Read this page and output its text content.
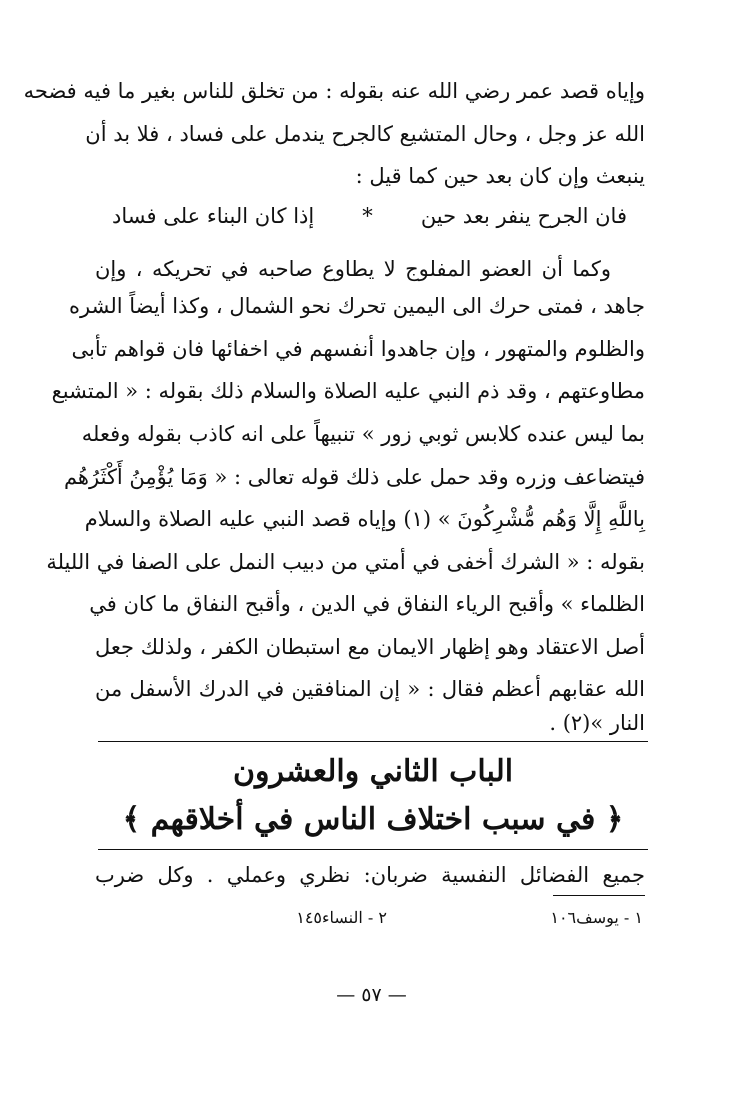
وإياه قصد عمر رضي الله عنه بقوله : من تخلق للناس بغير ما فيه فضحه
الله عز وجل ، وحال المتشيع كالجرح يندمل على فساد ، فلا بد أن
ينبعث وإن كان بعد حين كما قيل :
فان الجرح ينفر بعد حين
*
إذا كان البناء على فساد
وكما أن العضو المفلوج لا يطاوع صاحبه في تحريكه ، وإن
جاهد ، فمتى حرك الى اليمين تحرك نحو الشمال ، وكذا أيضاً الشره
والظلوم والمتهور ، وإن جاهدوا أنفسهم في اخفائها فان قواهم تأبى
مطاوعتهم ، وقد ذم النبي عليه الصلاة والسلام ذلك بقوله : « المتشبع
بما ليس عنده كلابس ثوبي زور » تنبيهاً على انه كاذب بقوله وفعله
فيتضاعف وزره وقد حمل على ذلك قوله تعالى : « وَمَا يُؤْمِنُ أَكْثَرُهُم
بِاللَّهِ إِلَّا وَهُم مُّشْرِكُونَ » (١) وإياه قصد النبي عليه الصلاة والسلام
بقوله : « الشرك أخفى في أمتي من دبيب النمل على الصفا في الليلة
الظلماء » وأقبح الرياء النفاق في الدين ، وأقبح النفاق ما كان في
أصل الاعتقاد وهو إظهار الايمان مع استبطان الكفر ، ولذلك جعل
الله عقابهم أعظم فقال : « إن المنافقين في الدرك الأسفل من
النار »(٢) .
الباب الثاني والعشرون
﴿ في سبب اختلاف الناس في أخلاقهم ﴾
جميع الفضائل النفسية ضربان: نظري وعملي . وكل ضرب
١ - يوسف١٠٦
٢ - النساء١٤٥
— ٥٧ —
